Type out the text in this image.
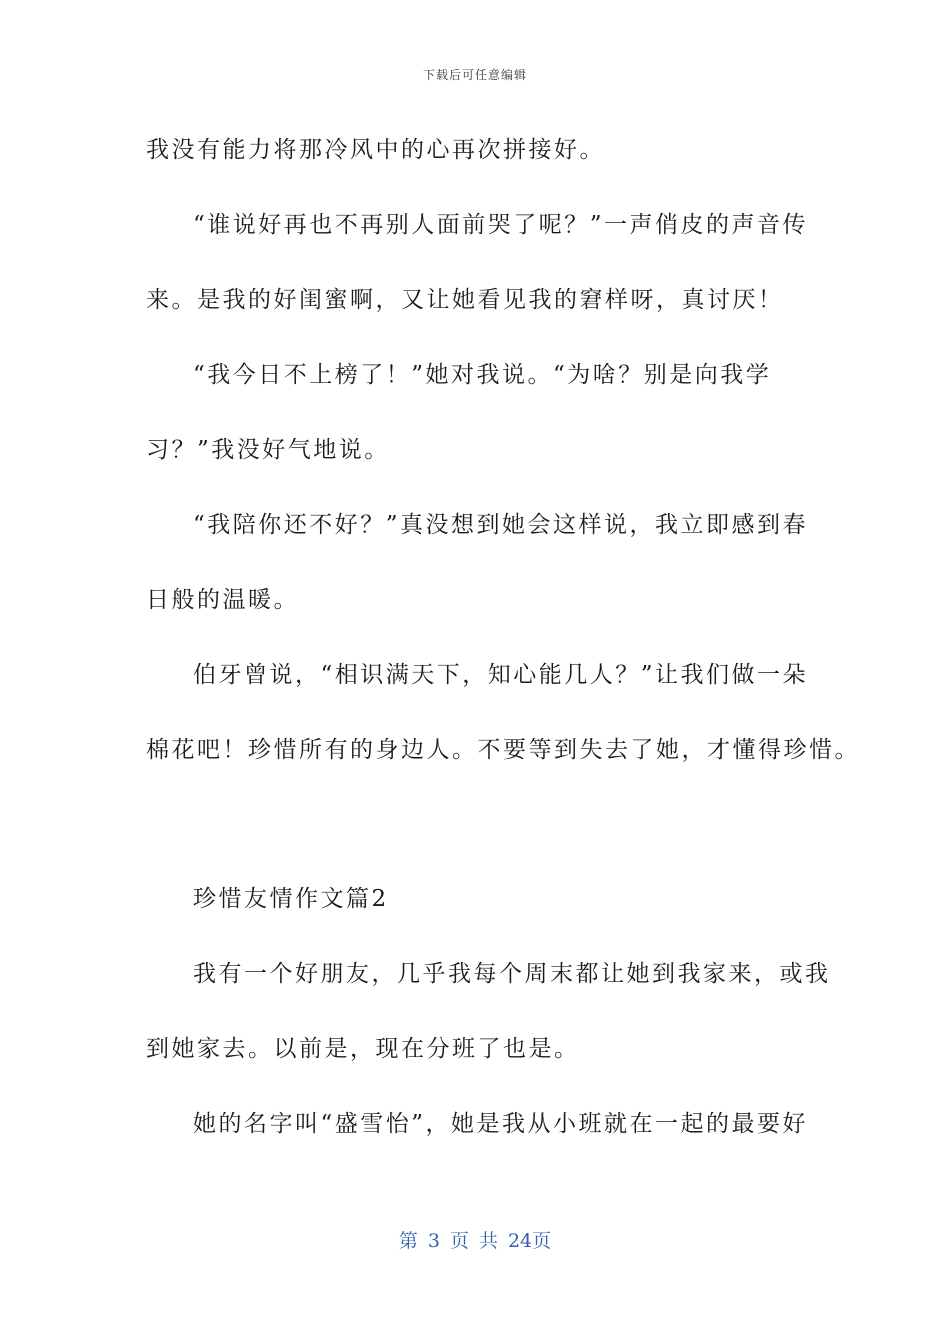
下载后可任意编辑
我没有能力将那冷风中的心再次拼接好。
“谁说好再也不再别人面前哭了呢？”一声俏皮的声音传
来。是我的好闺蜜啊，又让她看见我的窘样呀，真讨厌！
“我今日不上榜了！”她对我说。“为啥？别是向我学
习？”我没好气地说。
“我陪你还不好？”真没想到她会这样说，我立即感到春
日般的温暖。
伯牙曾说，“相识满天下，知心能几人？”让我们做一朵
棉花吧！珍惜所有的身边人。不要等到失去了她，才懂得珍惜。
珍惜友情作文篇2
我有一个好朋友，几乎我每个周末都让她到我家来，或我
到她家去。以前是，现在分班了也是。
她的名字叫“盛雪怡”，她是我从小班就在一起的最要好
第 3 页 共 24页
